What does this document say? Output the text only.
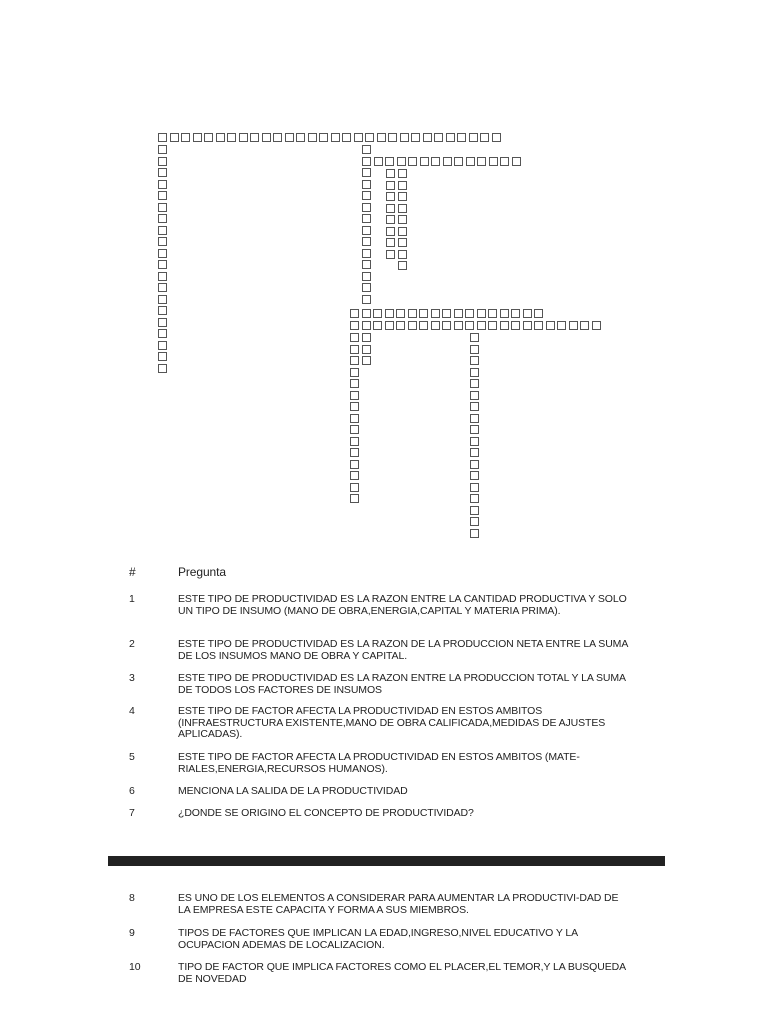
#	Pregunta
1	ESTE TIPO DE PRODUCTIVIDAD ES LA RAZON ENTRE LA CANTIDAD PRODUCTIVA Y SOLO UN TIPO DE INSUMO (MANO DE OBRA,ENERGIA,CAPITAL Y MATERIA PRIMA).
2	ESTE TIPO DE PRODUCTIVIDAD ES LA RAZON DE LA PRODUCCION NETA ENTRE LA SUMA DE LOS INSUMOS MANO DE OBRA Y CAPITAL.
3	ESTE TIPO DE PRODUCTIVIDAD ES LA RAZON ENTRE LA PRODUCCION TOTAL Y LA SUMA DE TODOS LOS FACTORES DE INSUMOS
4	ESTE TIPO DE FACTOR AFECTA LA PRODUCTIVIDAD EN ESTOS AMBITOS (INFRAESTRUCTURA EXISTENTE,MANO DE OBRA CALIFICADA,MEDIDAS DE AJUSTES APLICADAS).
5	ESTE TIPO DE FACTOR AFECTA LA PRODUCTIVIDAD EN ESTOS AMBITOS (MATE-RIALES,ENERGIA,RECURSOS HUMANOS).
6	MENCIONA LA SALIDA DE LA PRODUCTIVIDAD
7	¿DONDE SE ORIGINO EL CONCEPTO DE PRODUCTIVIDAD?
8	ES UNO DE LOS ELEMENTOS A CONSIDERAR PARA AUMENTAR LA PRODUCTIVI-DAD DE LA EMPRESA ESTE CAPACITA Y FORMA A SUS MIEMBROS.
9	TIPOS DE FACTORES QUE IMPLICAN LA EDAD,INGRESO,NIVEL EDUCATIVO Y LA OCUPACION ADEMAS DE LOCALIZACION.
10	TIPO DE FACTOR QUE IMPLICA FACTORES COMO EL PLACER,EL TEMOR,Y LA BUSQUEDA DE NOVEDAD
